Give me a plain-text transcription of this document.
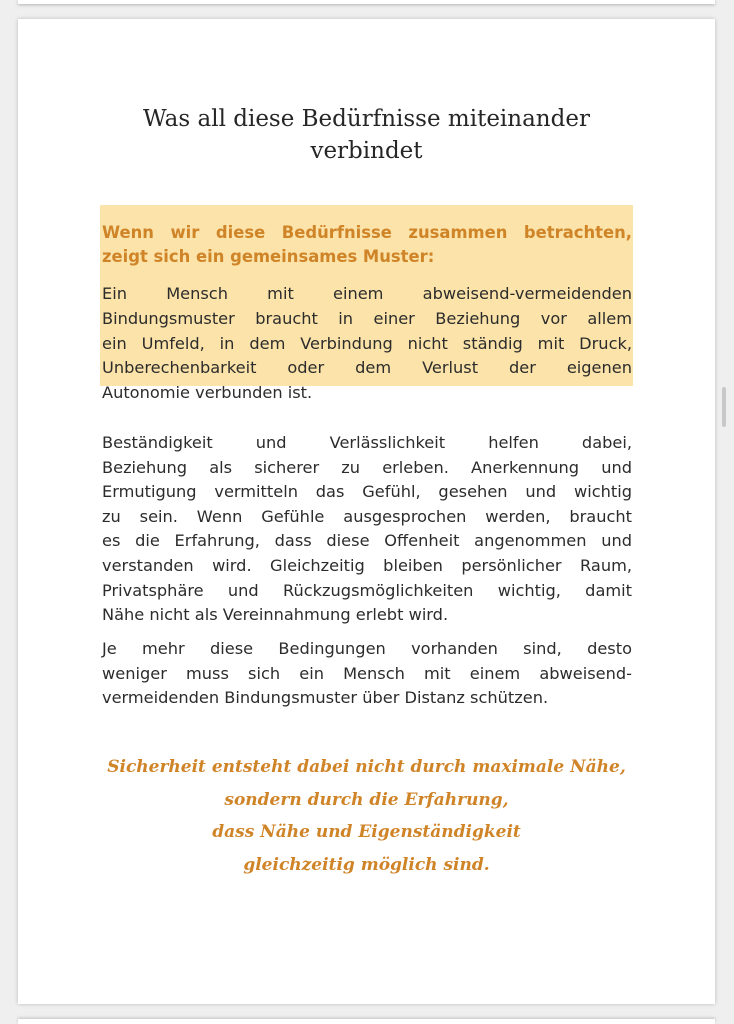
Was all diese Bedürfnisse miteinander
verbindet
Wenn wir diese Bedürfnisse zusammen betrachten,
zeigt sich ein gemeinsames Muster:
Ein Mensch mit einem abweisend-vermeidenden
Bindungsmuster braucht in einer Beziehung vor allem
ein Umfeld, in dem Verbindung nicht ständig mit Druck,
Unberechenbarkeit oder dem Verlust der eigenen
Autonomie verbunden ist.
Beständigkeit und Verlässlichkeit helfen dabei,
Beziehung als sicherer zu erleben. Anerkennung und
Ermutigung vermitteln das Gefühl, gesehen und wichtig
zu sein. Wenn Gefühle ausgesprochen werden, braucht
es die Erfahrung, dass diese Offenheit angenommen und
verstanden wird. Gleichzeitig bleiben persönlicher Raum,
Privatsphäre und Rückzugsmöglichkeiten wichtig, damit
Nähe nicht als Vereinnahmung erlebt wird.
Je mehr diese Bedingungen vorhanden sind, desto
weniger muss sich ein Mensch mit einem abweisend-
vermeidenden Bindungsmuster über Distanz schützen.

Sicherheit entsteht dabei nicht durch maximale Nähe,
sondern durch die Erfahrung,
dass Nähe und Eigenständigkeit
gleichzeitig möglich sind.
